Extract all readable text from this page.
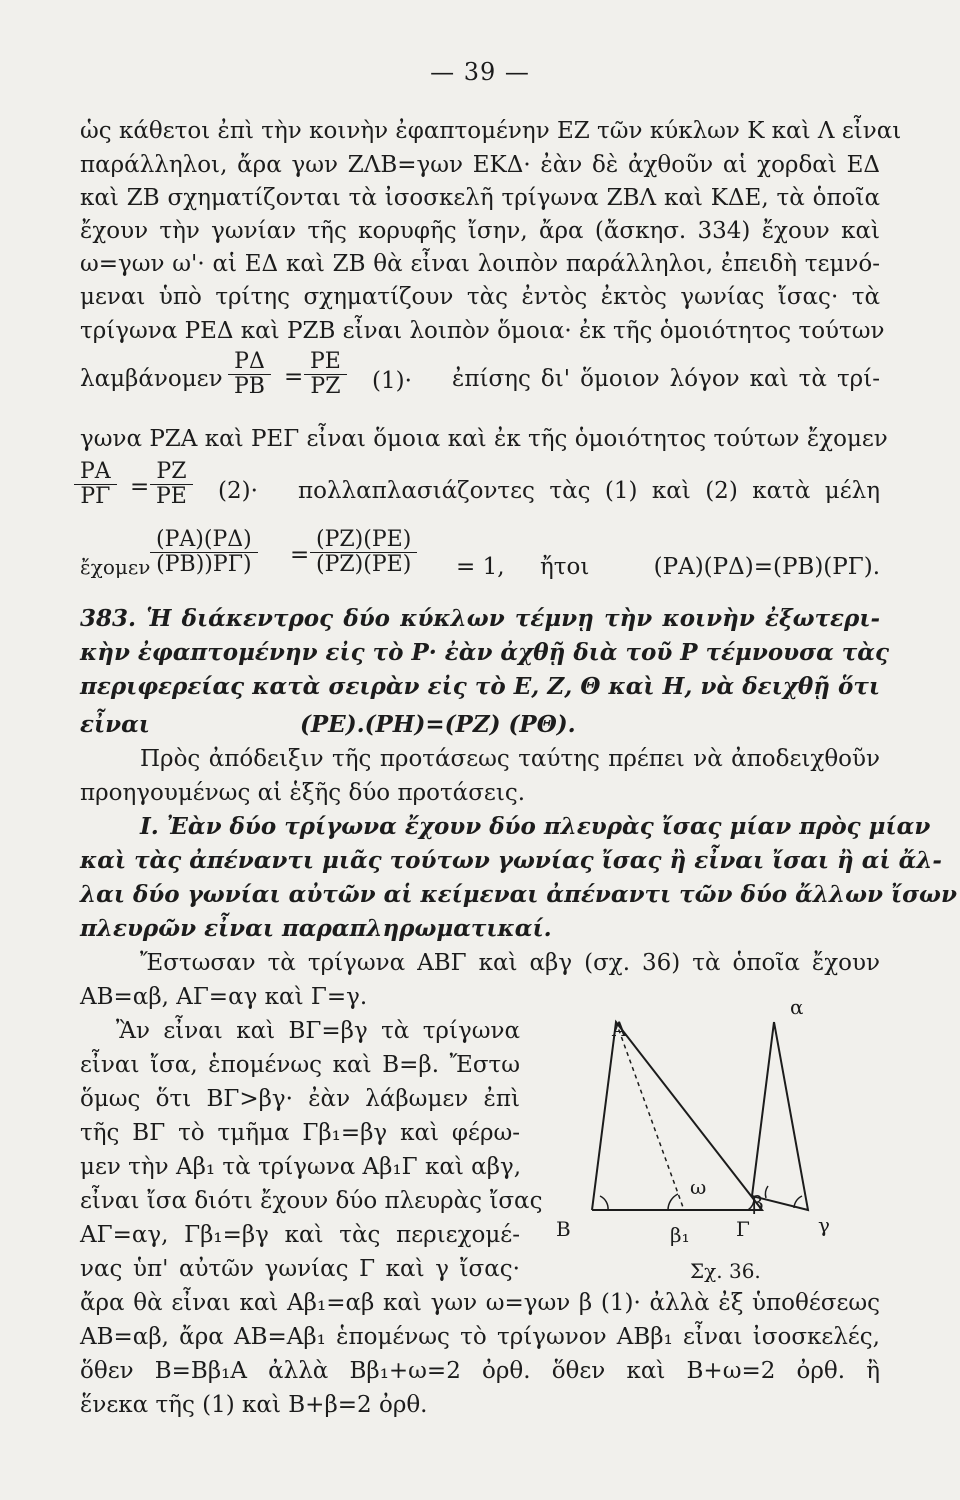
— 39 —
ὡς κάθετοι ἐπὶ τὴν κοινὴν ἐφαπτομένην ΕΖ τῶν κύκλων Κ καὶ Λ εἶναι
παράλληλοι, ἄρα γων ΖΛΒ=γων ΕΚΔ· ἐὰν δὲ ἀχθοῦν αἱ χορδαὶ ΕΔ
καὶ ΖΒ σχηματίζονται τὰ ἰσοσκελῆ τρίγωνα ΖΒΛ καὶ ΚΔΕ, τὰ ὁποῖα
ἔχουν τὴν γωνίαν τῆς κορυφῆς ἴσην, ἄρα (ἄσκησ. 334) ἔχουν καὶ
ω=γων ω'· αἱ ΕΔ καὶ ΖΒ θὰ εἶναι λοιπὸν παράλληλοι, ἐπειδὴ τεμνό-
μεναι ὑπὸ τρίτης σχηματίζουν τὰς ἐντὸς ἐκτὸς γωνίας ἴσας· τὰ
τρίγωνα ΡΕΔ καὶ ΡΖΒ εἶναι λοιπὸν ὅμοια· ἐκ τῆς ὁμοιότητος τούτων
λαμβάνομεν $\frac{P\Delta}{PB} = \frac{PE}{PZ} (1)\cdot$ ἐπίσης δι' ὅμοιον λόγον καὶ τὰ τρί-
γωνα ΡΖΑ καὶ ΡΕΓ εἶναι ὅμοια καὶ ἐκ τῆς ὁμοιότητος τούτων ἔχομεν
$\frac{PA}{P\Gamma} = \frac{PZ}{PE} (2)\cdot \pi o\lambda\lambda\alpha\pi\lambda\alpha\sigma\iota ά\zeta o\nu\tau\varepsilon\varsigma$ τὰς (1) καὶ (2) κατὰ μέλη
ἔχομεν $\frac{(PA)(P\Delta)}{(PB))P\Gamma)} = \frac{(PZ)(PE)}{(PZ)(PE)} = 1$, ἤτοι (ΡΑ)(ΡΔ)=(ΡΒ)(ΡΓ).
383. Ἡ διάκεντρος δύο κύκλων τέμνῃ τὴν κοινὴν ἐξωτερι-
κὴν ἐφαπτομένην εἰς τὸ Ρ· ἐὰν ἀχθῇ διὰ τοῦ Ρ τέμνουσα τὰς
περιφερείας κατὰ σειρὰν εἰς τὸ Ε, Ζ, Θ καὶ Η, νὰ δειχθῇ ὅτι
εἶναι	(ΡΕ).(ΡΗ)=(ΡΖ) (ΡΘ).
Πρὸς ἀπόδειξιν τῆς προτάσεως ταύτης πρέπει νὰ ἀποδειχθοῦν
προηγουμένως αἱ ἑξῆς δύο προτάσεις.
Ι. Ἐὰν δύο τρίγωνα ἔχουν δύο πλευρὰς ἴσας μίαν πρὸς μίαν
καὶ τὰς ἀπέναντι μιᾶς τούτων γωνίας ἴσας ἢ εἶναι ἴσαι ἢ αἱ ἄλ-
λαι δύο γωνίαι αὐτῶν αἱ κείμεναι ἀπέναντι τῶν δύο ἄλλων ἴσων
πλευρῶν εἶναι παραπληρωματικαί.
Ἔστωσαν τὰ τρίγωνα ΑΒΓ καὶ αβγ (σχ. 36) τὰ ὁποῖα ἔχουν
ΑΒ=αβ, ΑΓ=αγ καὶ Γ=γ.
Ἂν εἶναι καὶ ΒΓ=βγ τὰ τρίγωνα
εἶναι ἴσα, ἑπομένως καὶ Β=β. Ἔστω
ὅμως ὅτι ΒΓ>βγ· ἐὰν λάβωμεν ἐπὶ
τῆς ΒΓ τὸ τμῆμα Γβ₁=βγ καὶ φέρω-
μεν τὴν Αβ₁ τὰ τρίγωνα Αβ₁Γ καὶ αβγ,
εἶναι ἴσα διότι ἔχουν δύο πλευρὰς ἴσας
ΑΓ=αγ, Γβ₁=βγ καὶ τὰς περιεχομέ-
νας ὑπ' αὐτῶν γωνίας Γ καὶ γ ἴσας·
ἄρα θὰ εἶναι καὶ Αβ₁=αβ καὶ γων ω=γων β (1)· ἀλλὰ ἐξ ὑποθέσεως
ΑΒ=αβ, ἄρα ΑΒ=Αβ₁ ἑπομένως τὸ τρίγωνον ΑΒβ₁ εἶναι ἰσοσκελές,
ὅθεν Β=Ββ₁Α ἀλλὰ Ββ₁+ω=2 ὀρθ. ὅθεν καὶ Β+ω=2 ὀρθ. ἢ
ἕνεκα τῆς (1) καὶ Β+β=2 ὀρθ.
A
B	β₁ Γ
ω
α
β
γ
Σχ. 36.
